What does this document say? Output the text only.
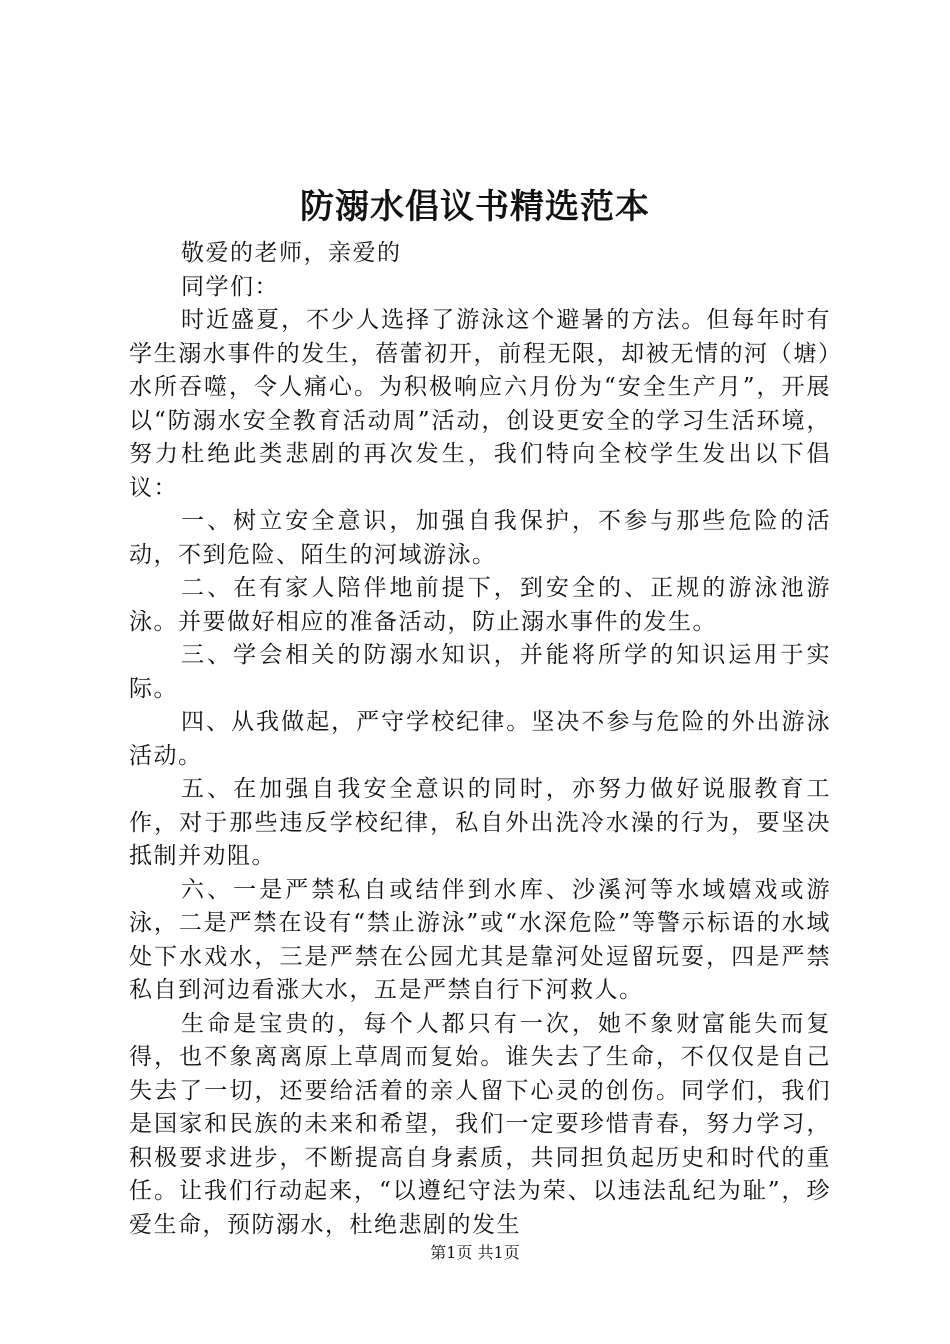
防溺水倡议书精选范本

敬爱的老师，亲爱的

同学们：

时近盛夏，不少人选择了游泳这个避暑的方法。但每年时有学生溺水事件的发生，蓓蕾初开，前程无限，却被无情的河（塘）水所吞噬，令人痛心。为积极响应六月份为“安全生产月”，开展以“防溺水安全教育活动周”活动，创设更安全的学习生活环境，努力杜绝此类悲剧的再次发生，我们特向全校学生发出以下倡议：

一、树立安全意识，加强自我保护，不参与那些危险的活动，不到危险、陌生的河域游泳。

二、在有家人陪伴地前提下，到安全的、正规的游泳池游泳。并要做好相应的准备活动，防止溺水事件的发生。

三、学会相关的防溺水知识，并能将所学的知识运用于实际。

四、从我做起，严守学校纪律。坚决不参与危险的外出游泳活动。

五、在加强自我安全意识的同时，亦努力做好说服教育工作，对于那些违反学校纪律，私自外出洗冷水澡的行为，要坚决抵制并劝阻。

六、一是严禁私自或结伴到水库、沙溪河等水域嬉戏或游泳，二是严禁在设有“禁止游泳”或“水深危险”等警示标语的水域处下水戏水，三是严禁在公园尤其是靠河处逗留玩耍，四是严禁私自到河边看涨大水，五是严禁自行下河救人。

生命是宝贵的，每个人都只有一次，她不象财富能失而复得，也不象离离原上草周而复始。谁失去了生命，不仅仅是自己失去了一切，还要给活着的亲人留下心灵的创伤。同学们，我们是国家和民族的未来和希望，我们一定要珍惜青春，努力学习，积极要求进步，不断提高自身素质，共同担负起历史和时代的重任。让我们行动起来，“以遵纪守法为荣、以违法乱纪为耻”，珍爱生命，预防溺水，杜绝悲剧的发生

第1页 共1页
